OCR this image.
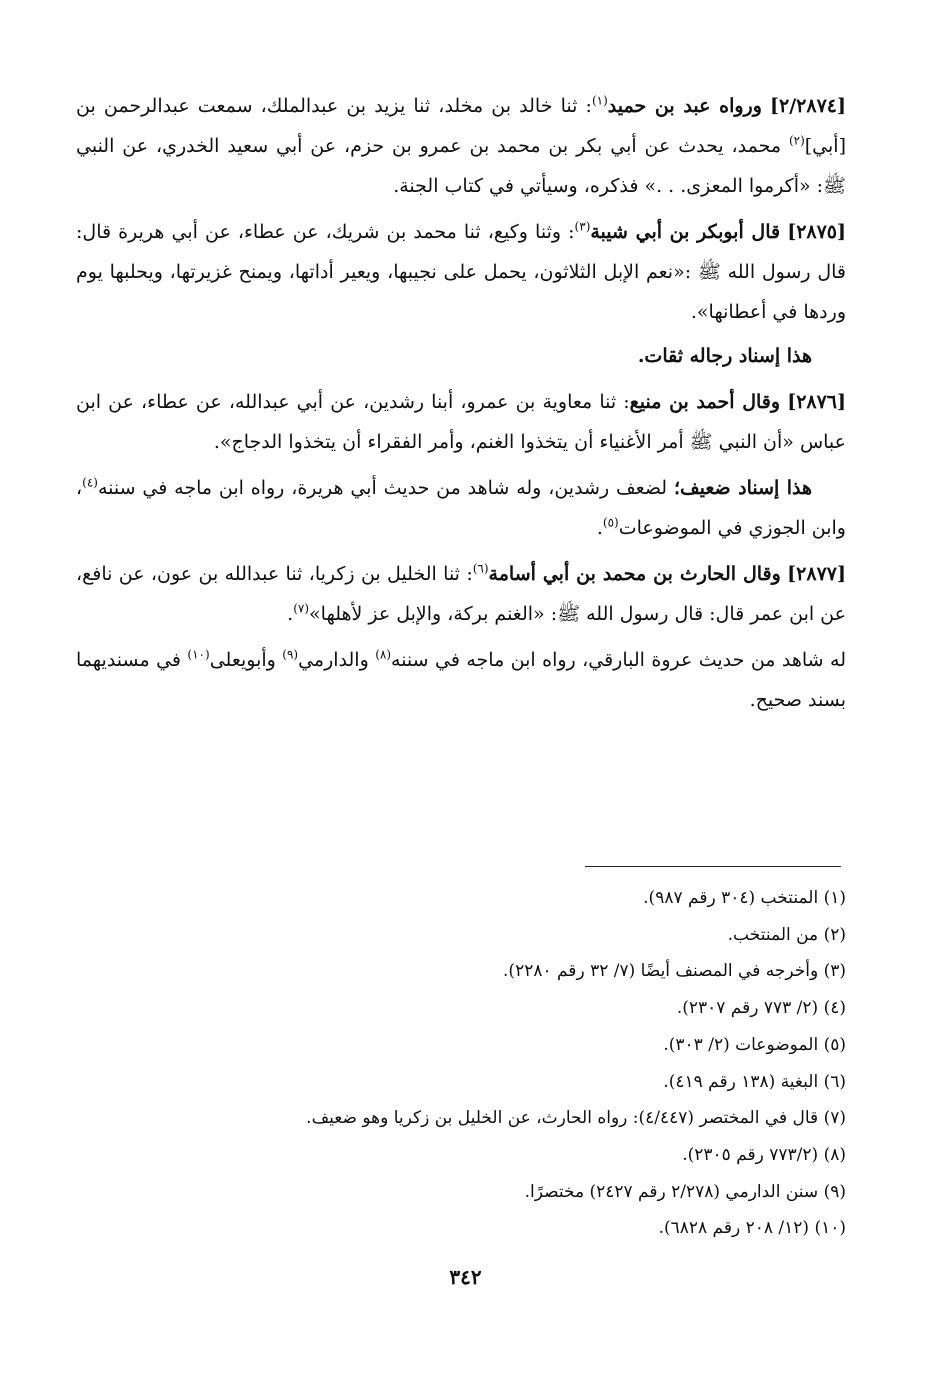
[٢/٢٨٧٤] ورواه عبد بن حميد$^{(١)}$: ثنا خالد بن مخلد، ثنا يزيد بن عبدالملك، سمعت عبدالرحمن بن [أبي]$^{(٢)}$ محمد، يحدث عن أبي بكر بن محمد بن عمرو بن حزم، عن أبي سعيد الخدري، عن النبي ﷺ: «أكرموا المعزى. . .» فذكره، وسيأتي في كتاب الجنة.

[٢٨٧٥] قال أبوبكر بن أبي شيبة$^{(٣)}$: وثنا وكيع، ثنا محمد بن شريك، عن عطاء، عن أبي هريرة قال: قال رسول الله ﷺ :«نعم الإبل الثلاثون، يحمل على نجيبها، ويعير أداتها، ويمنح غزيرتها، ويحلبها يوم وردها في أعطانها».

هذا إسناد رجاله ثقات.

[٢٨٧٦] وقال أحمد بن منيع: ثنا معاوية بن عمرو، أبنا رشدين، عن أبي عبدالله، عن عطاء، عن ابن عباس «أن النبي ﷺ أمر الأغنياء أن يتخذوا الغنم، وأمر الفقراء أن يتخذوا الدجاج».

هذا إسناد ضعيف؛ لضعف رشدين، وله شاهد من حديث أبي هريرة، رواه ابن ماجه في سننه$^{(٤)}$، وابن الجوزي في الموضوعات$^{(٥)}$.

[٢٨٧٧] وقال الحارث بن محمد بن أبي أسامة$^{(٦)}$: ثنا الخليل بن زكريا، ثنا عبدالله بن عون، عن نافع، عن ابن عمر قال: قال رسول الله ﷺ: «الغنم بركة، والإبل عز لأهلها»$^{(٧)}$.

له شاهد من حديث عروة البارقي، رواه ابن ماجه في سننه$^{(٨)}$ والدارمي$^{(٩)}$ وأبويعلى$^{(١٠)}$ في مسنديهما بسند صحيح.

(١) المنتخب (٣٠٤ رقم ٩٨٧).
(٢) من المنتخب.
(٣) وأخرجه في المصنف أيضًا (٧/ ٣٢ رقم ٢٢٨٠).
(٤) (٢/ ٧٧٣ رقم ٢٣٠٧).
(٥) الموضوعات (٢/ ٣٠٣).
(٦) البغية (١٣٨ رقم ٤١٩).
(٧) قال في المختصر (٤/٤٤٧): رواه الحارث، عن الخليل بن زكريا وهو ضعيف.
(٨) (٧٧٣/٢ رقم ٢٣٠٥).
(٩) سنن الدارمي (٢/٢٧٨ رقم ٢٤٢٧) مختصرًا.
(١٠) (١٢/ ٢٠٨ رقم ٦٨٢٨).
٣٤٢
